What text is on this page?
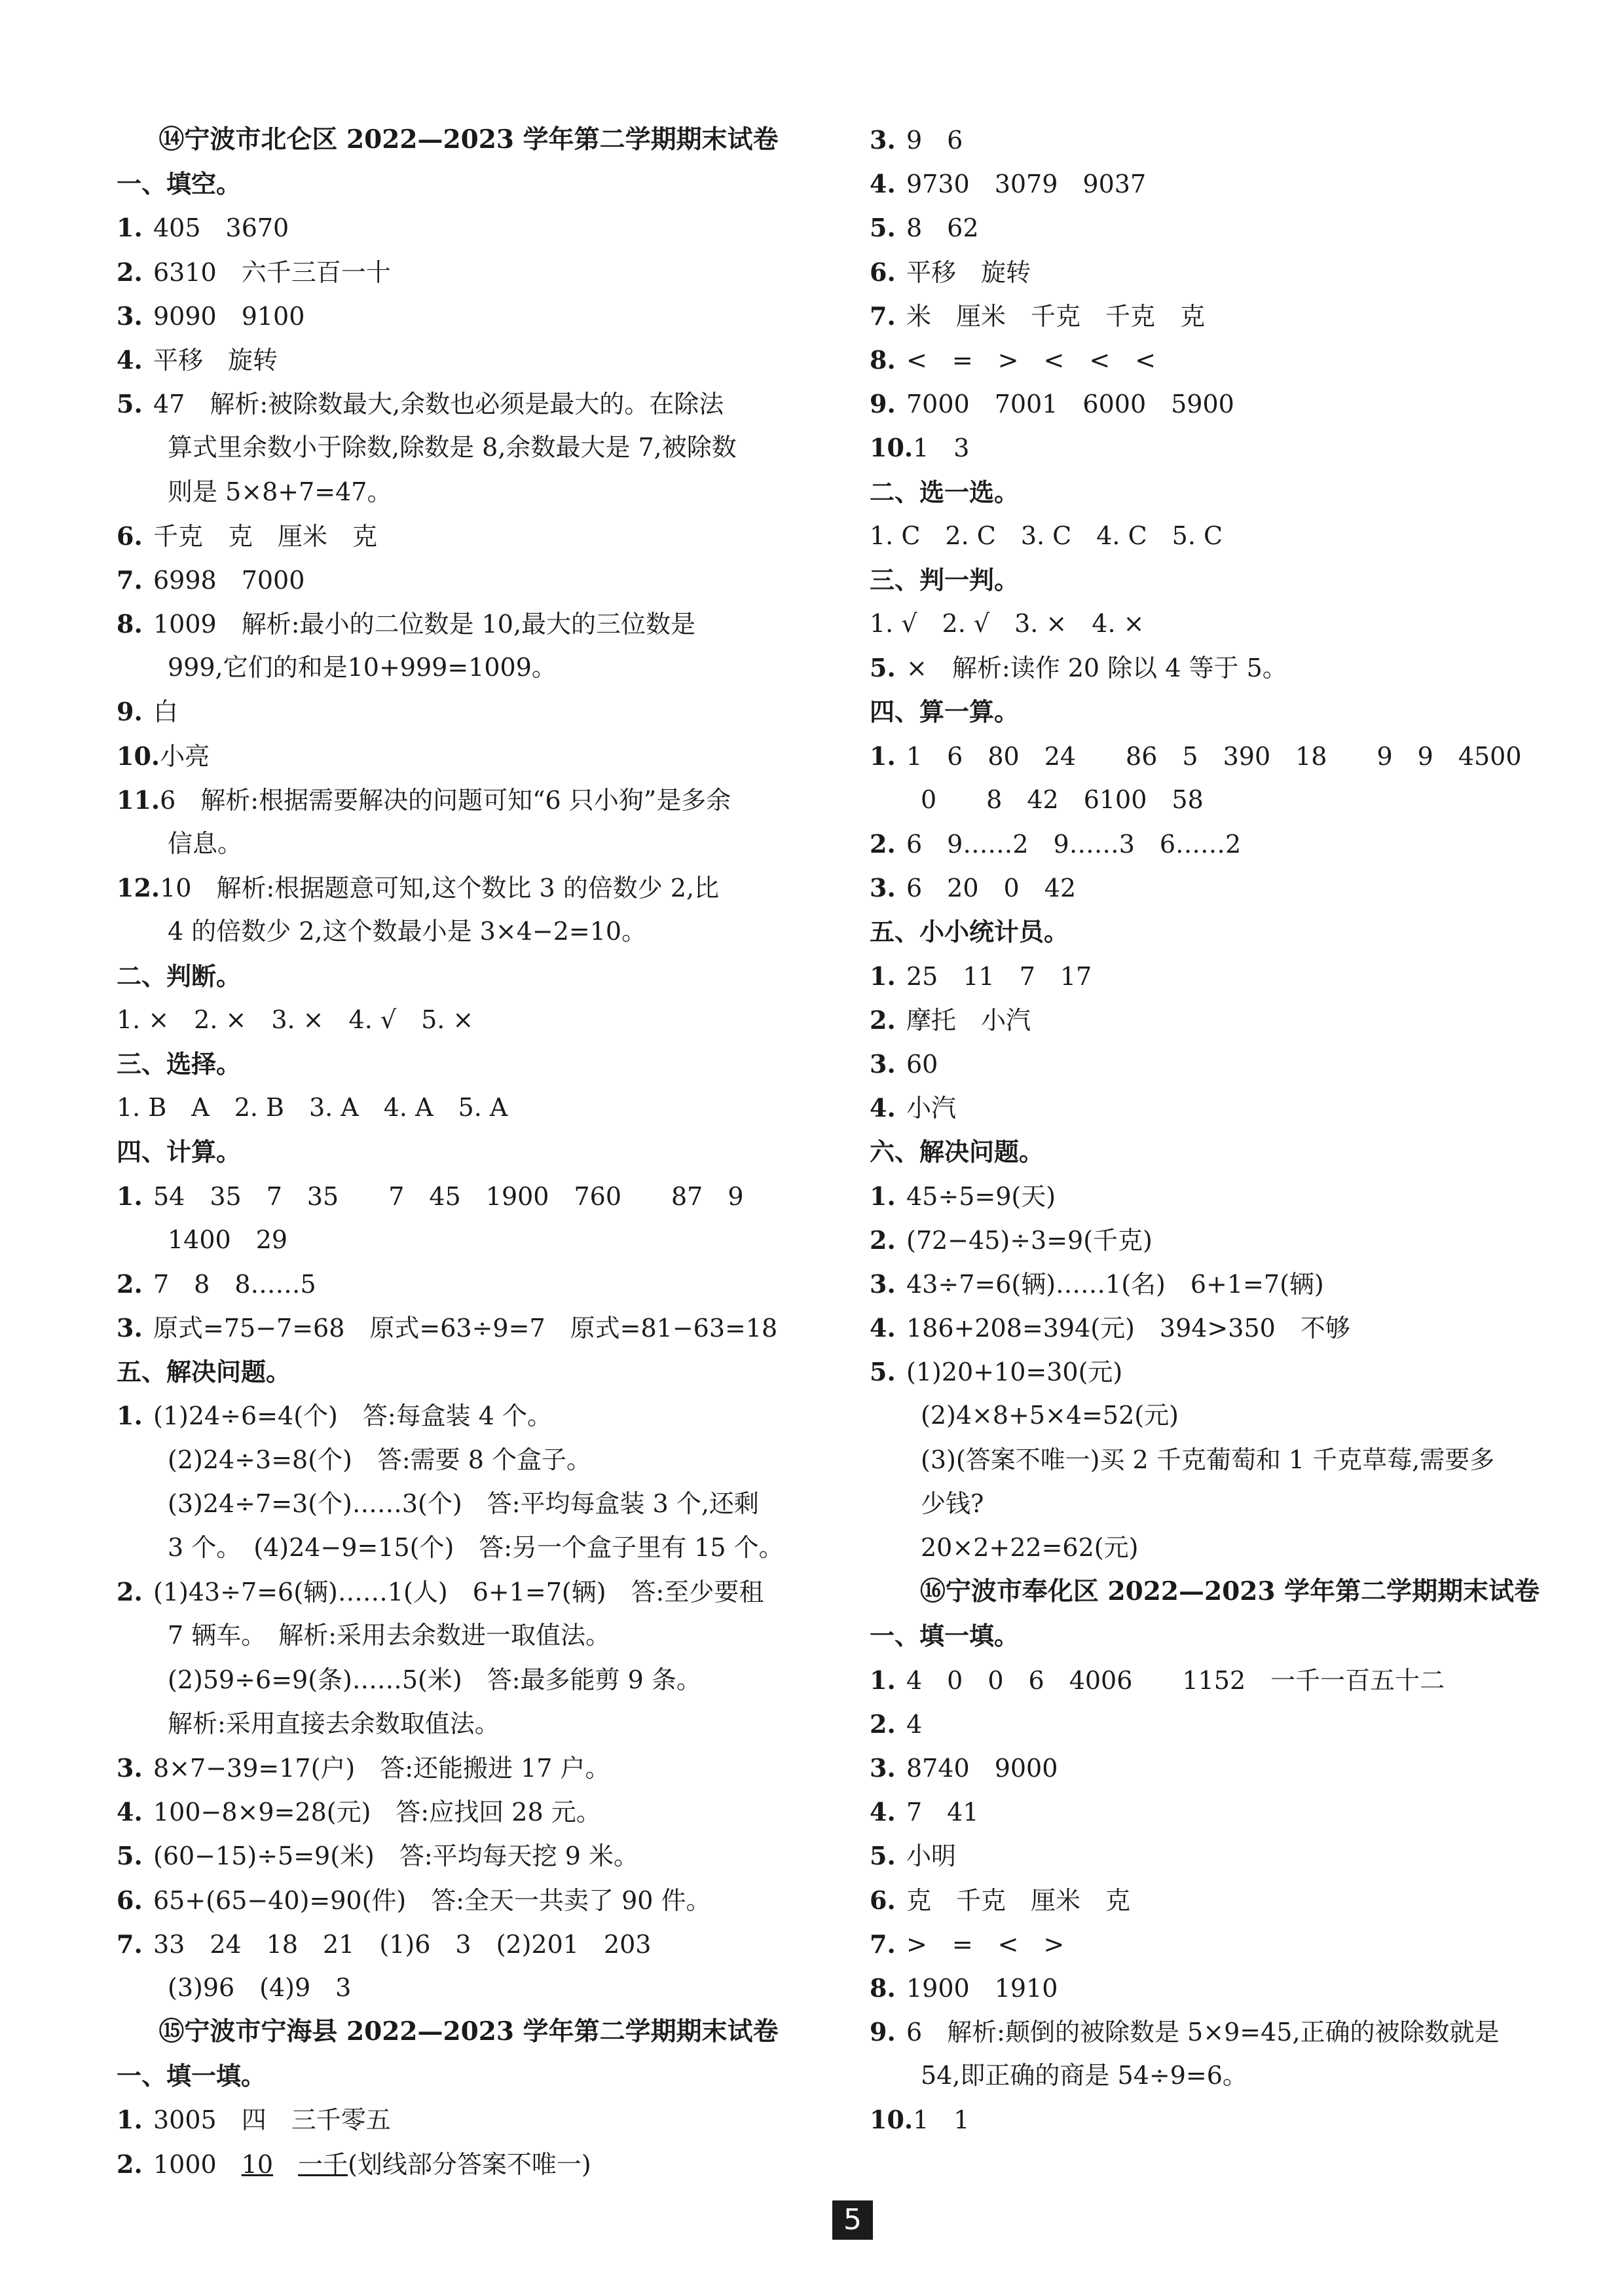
⑭宁波市北仑区 2022—2023 学年第二学期期末试卷
一、填空。
1. 405　3670
2. 6310　六千三百一十
3. 9090　9100
4. 平移　旋转
5. 47　解析:被除数最大,余数也必须是最大的。在除法
算式里余数小于除数,除数是 8,余数最大是 7,被除数
则是 5×8+7=47。
6. 千克　克　厘米　克
7. 6998　7000
8. 1009　解析:最小的二位数是 10,最大的三位数是
999,它们的和是10+999=1009。
9. 白
10.小亮
11.6　解析:根据需要解决的问题可知“6 只小狗”是多余
信息。
12.10　解析:根据题意可知,这个数比 3 的倍数少 2,比
4 的倍数少 2,这个数最小是 3×4−2=10。
二、判断。
1. ×　2. ×　3. ×　4. √　5. ×
三、选择。
1. B　A　2. B　3. A　4. A　5. A
四、计算。
1. 54　35　7　35　　7　45　1900　760　　87　9
1400　29
2. 7　8　8……5
3. 原式=75−7=68　原式=63÷9=7　原式=81−63=18
五、解决问题。
1. (1)24÷6=4(个)　答:每盒装 4 个。
(2)24÷3=8(个)　答:需要 8 个盒子。
(3)24÷7=3(个)……3(个)　答:平均每盒装 3 个,还剩
3 个。　(4)24−9=15(个)　答:另一个盒子里有 15 个。
2. (1)43÷7=6(辆)……1(人)　6+1=7(辆)　答:至少要租
7 辆车。　解析:采用去余数进一取值法。
(2)59÷6=9(条)……5(米)　答:最多能剪 9 条。
解析:采用直接去余数取值法。
3. 8×7−39=17(户)　答:还能搬进 17 户。
4. 100−8×9=28(元)　答:应找回 28 元。
5. (60−15)÷5=9(米)　答:平均每天挖 9 米。
6. 65+(65−40)=90(件)　答:全天一共卖了 90 件。
7. 33　24　18　21　(1)6　3　(2)201　203
(3)96　(4)9　3
⑮宁波市宁海县 2022—2023 学年第二学期期末试卷
一、填一填。
1. 3005　四　三千零五
2. 1000　10　 一千(划线部分答案不唯一)
3. 9　6
4. 9730　3079　9037
5. 8　62
6. 平移　旋转
7. 米　厘米　千克　千克　克
8. <　=　>　<　<　<
9. 7000　7001　6000　5900
10.1　3
二、选一选。
1. C　2. C　3. C　4. C　5. C
三、判一判。
1. √　2. √　3. ×　4. ×
5. ×　解析:读作 20 除以 4 等于 5。
四、算一算。
1. 1　6　80　24　　86　5　390　18　　9　9　4500
0　　8　42　6100　58
2. 6　9……2　9……3　6……2
3. 6　20　0　42
五、小小统计员。
1. 25　11　7　17
2. 摩托　小汽
3. 60
4. 小汽
六、解决问题。
1. 45÷5=9(天)
2. (72−45)÷3=9(千克)
3. 43÷7=6(辆)……1(名)　6+1=7(辆)
4. 186+208=394(元)　394>350　不够
5. (1)20+10=30(元)
(2)4×8+5×4=52(元)
(3)(答案不唯一)买 2 千克葡萄和 1 千克草莓,需要多
少钱?
20×2+22=62(元)
⑯宁波市奉化区 2022—2023 学年第二学期期末试卷
一、填一填。
1. 4　0　0　6　4006　　1152　一千一百五十二
2. 4
3. 8740　9000
4. 7　41
5. 小明
6. 克　千克　厘米　克
7. >　=　<　>
8. 1900　1910
9. 6　解析:颠倒的被除数是 5×9=45,正确的被除数就是
54,即正确的商是 54÷9=6。
10.1　1
5
